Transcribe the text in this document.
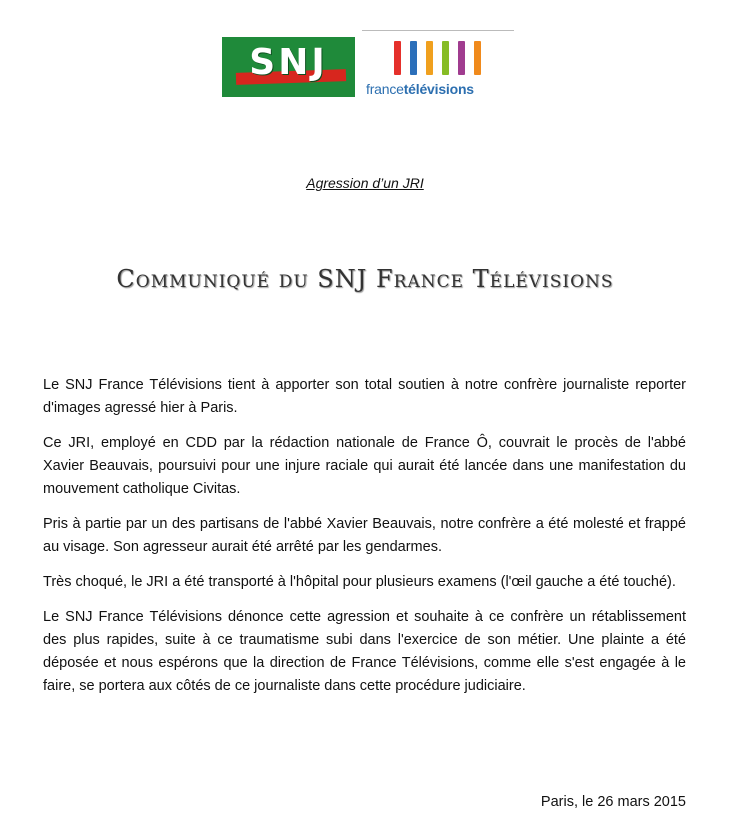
SNJ
francetélévisions
Agression d’un JRI
Communiqué du SNJ France Télévisions

Le SNJ France Télévisions tient à apporter son total soutien à notre confrère journaliste reporter d'images agressé hier à Paris.

Ce JRI, employé en CDD par la rédaction nationale de France Ô, couvrait le procès de l'abbé Xavier Beauvais, poursuivi pour une injure raciale qui aurait été lancée dans une manifestation du mouvement catholique Civitas.

Pris à partie par un des partisans de l'abbé Xavier Beauvais, notre confrère a été molesté et frappé au visage. Son agresseur aurait été arrêté par les gendarmes.

Très choqué, le JRI a été transporté à l'hôpital pour plusieurs examens (l'œil gauche a été touché).

Le SNJ France Télévisions dénonce cette agression et souhaite à ce confrère un rétablissement des plus rapides, suite à ce traumatisme subi dans l'exercice de son métier. Une plainte a été déposée et nous espérons que la direction de France Télévisions, comme elle s'est engagée à le faire, se portera aux côtés de ce journaliste dans cette procédure judiciaire.

Paris, le 26 mars 2015
